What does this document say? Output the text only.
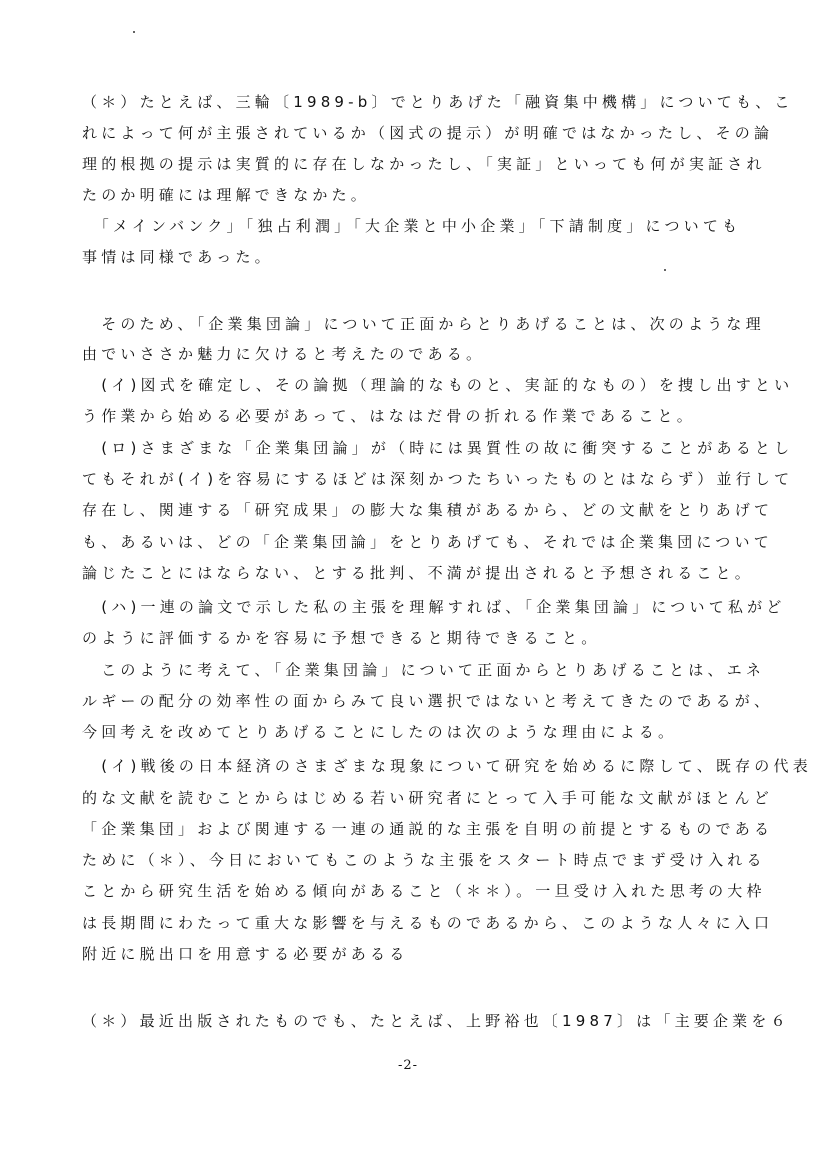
（＊）たとえば、三輪〔1989-b〕でとりあげた「融資集中機構」についても、こ
れによって何が主張されているか（図式の提示）が明確ではなかったし、その論
理的根拠の提示は実質的に存在しなかったし、「実証」といっても何が実証され
たのか明確には理解できなかた。
　「メインバンク」「独占利潤」「大企業と中小企業」「下請制度」についても
事情は同様であった。
　そのため、「企業集団論」について正面からとりあげることは、次のような理
由でいささか魅力に欠けると考えたのである。
　(イ)図式を確定し、その論拠（理論的なものと、実証的なもの）を捜し出すとい
う作業から始める必要があって、はなはだ骨の折れる作業であること。
　(ロ)さまざまな「企業集団論」が（時には異質性の故に衝突することがあるとし
てもそれが(イ)を容易にするほどは深刻かつたちいったものとはならず）並行して
存在し、関連する「研究成果」の膨大な集積があるから、どの文献をとりあげて
も、あるいは、どの「企業集団論」をとりあげても、それでは企業集団について
論じたことにはならない、とする批判、不満が提出されると予想されること。
　(ハ)一連の論文で示した私の主張を理解すれば、「企業集団論」について私がど
のように評価するかを容易に予想できると期待できること。
　このように考えて、「企業集団論」について正面からとりあげることは、エネ
ルギーの配分の効率性の面からみて良い選択ではないと考えてきたのであるが、
今回考えを改めてとりあげることにしたのは次のような理由による。
　(イ)戦後の日本経済のさまざまな現象について研究を始めるに際して、既存の代表
的な文献を読むことからはじめる若い研究者にとって入手可能な文献がほとんど
「企業集団」および関連する一連の通説的な主張を自明の前提とするものである
ために（＊）、今日においてもこのような主張をスタート時点でまず受け入れる
ことから研究生活を始める傾向があること（＊＊）。一旦受け入れた思考の大枠
は長期間にわたって重大な影響を与えるものであるから、このような人々に入口
附近に脱出口を用意する必要があるる
（＊）最近出版されたものでも、たとえば、上野裕也〔1987〕は「主要企業を６
-2-
